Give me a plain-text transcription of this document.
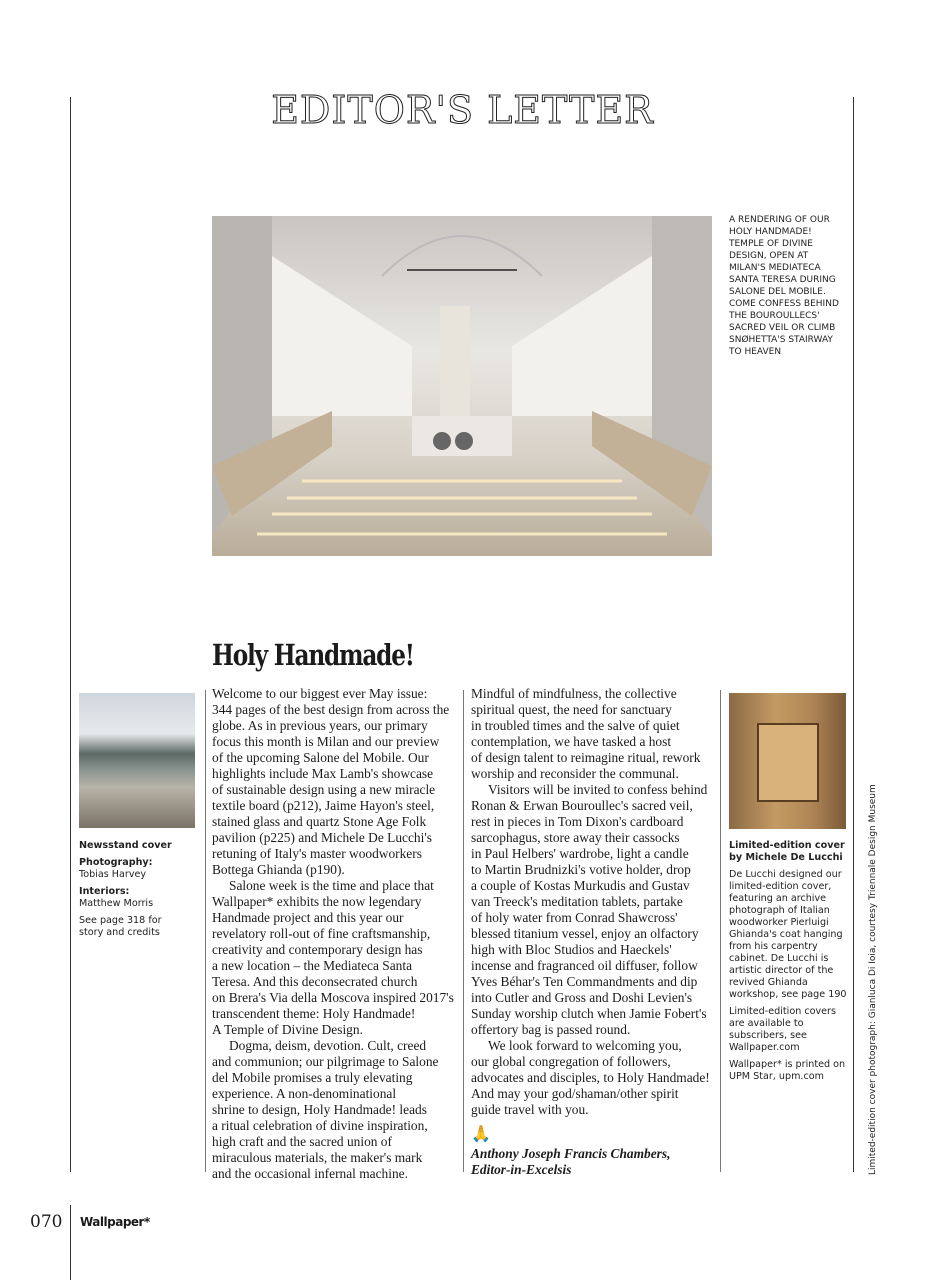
EDITOR'S LETTER
A RENDERING OF OUR HOLY HANDMADE! TEMPLE OF DIVINE DESIGN, OPEN AT MILAN'S MEDIATECA SANTA TERESA DURING SALONE DEL MOBILE. COME CONFESS BEHIND THE BOUROULLECS' SACRED VEIL OR CLIMB SNØHETTA'S STAIRWAY TO HEAVEN
Holy Handmade!
Welcome to our biggest ever May issue:
344 pages of the best design from across the
globe. As in previous years, our primary
focus this month is Milan and our preview
of the upcoming Salone del Mobile. Our
highlights include Max Lamb's showcase
of sustainable design using a new miracle
textile board (p212), Jaime Hayon's steel,
stained glass and quartz Stone Age Folk
pavilion (p225) and Michele De Lucchi's
retuning of Italy's master woodworkers
Bottega Ghianda (p190).
Salone week is the time and place that
Wallpaper* exhibits the now legendary
Handmade project and this year our
revelatory roll-out of fine craftsmanship,
creativity and contemporary design has
a new location – the Mediateca Santa
Teresa. And this deconsecrated church
on Brera's Via della Moscova inspired 2017's
transcendent theme: Holy Handmade!
A Temple of Divine Design.
Dogma, deism, devotion. Cult, creed
and communion; our pilgrimage to Salone
del Mobile promises a truly elevating
experience. A non-denominational
shrine to design, Holy Handmade! leads
a ritual celebration of divine inspiration,
high craft and the sacred union of
miraculous materials, the maker's mark
and the occasional infernal machine.
Mindful of mindfulness, the collective
spiritual quest, the need for sanctuary
in troubled times and the salve of quiet
contemplation, we have tasked a host
of design talent to reimagine ritual, rework
worship and reconsider the communal.
Visitors will be invited to confess behind
Ronan & Erwan Bouroullec's sacred veil,
rest in pieces in Tom Dixon's cardboard
sarcophagus, store away their cassocks
in Paul Helbers' wardrobe, light a candle
to Martin Brudnizki's votive holder, drop
a couple of Kostas Murkudis and Gustav
van Treeck's meditation tablets, partake
of holy water from Conrad Shawcross'
blessed titanium vessel, enjoy an olfactory
high with Bloc Studios and Haeckels'
incense and fragranced oil diffuser, follow
Yves Béhar's Ten Commandments and dip
into Cutler and Gross and Doshi Levien's
Sunday worship clutch when Jamie Fobert's
offertory bag is passed round.
We look forward to welcoming you,
our global congregation of followers,
advocates and disciples, to Holy Handmade!
And may your god/shaman/other spirit
guide travel with you.
🙏
Anthony Joseph Francis Chambers,
Editor-in-Excelsis
Newsstand cover
Photography:
Tobias Harvey
Interiors:
Matthew Morris
See page 318 for story and credits
Limited-edition cover by Michele De Lucchi
De Lucchi designed our limited-edition cover, featuring an archive photograph of Italian woodworker Pierluigi Ghianda's coat hanging from his carpentry cabinet. De Lucchi is artistic director of the revived Ghianda workshop, see page 190
Limited-edition covers are available to subscribers, see Wallpaper.com
Wallpaper* is printed on UPM Star, upm.com	Limited-edition cover photograph: Gianluca Di Ioia, courtesy Triennale Design Museum
070 Wallpaper*
